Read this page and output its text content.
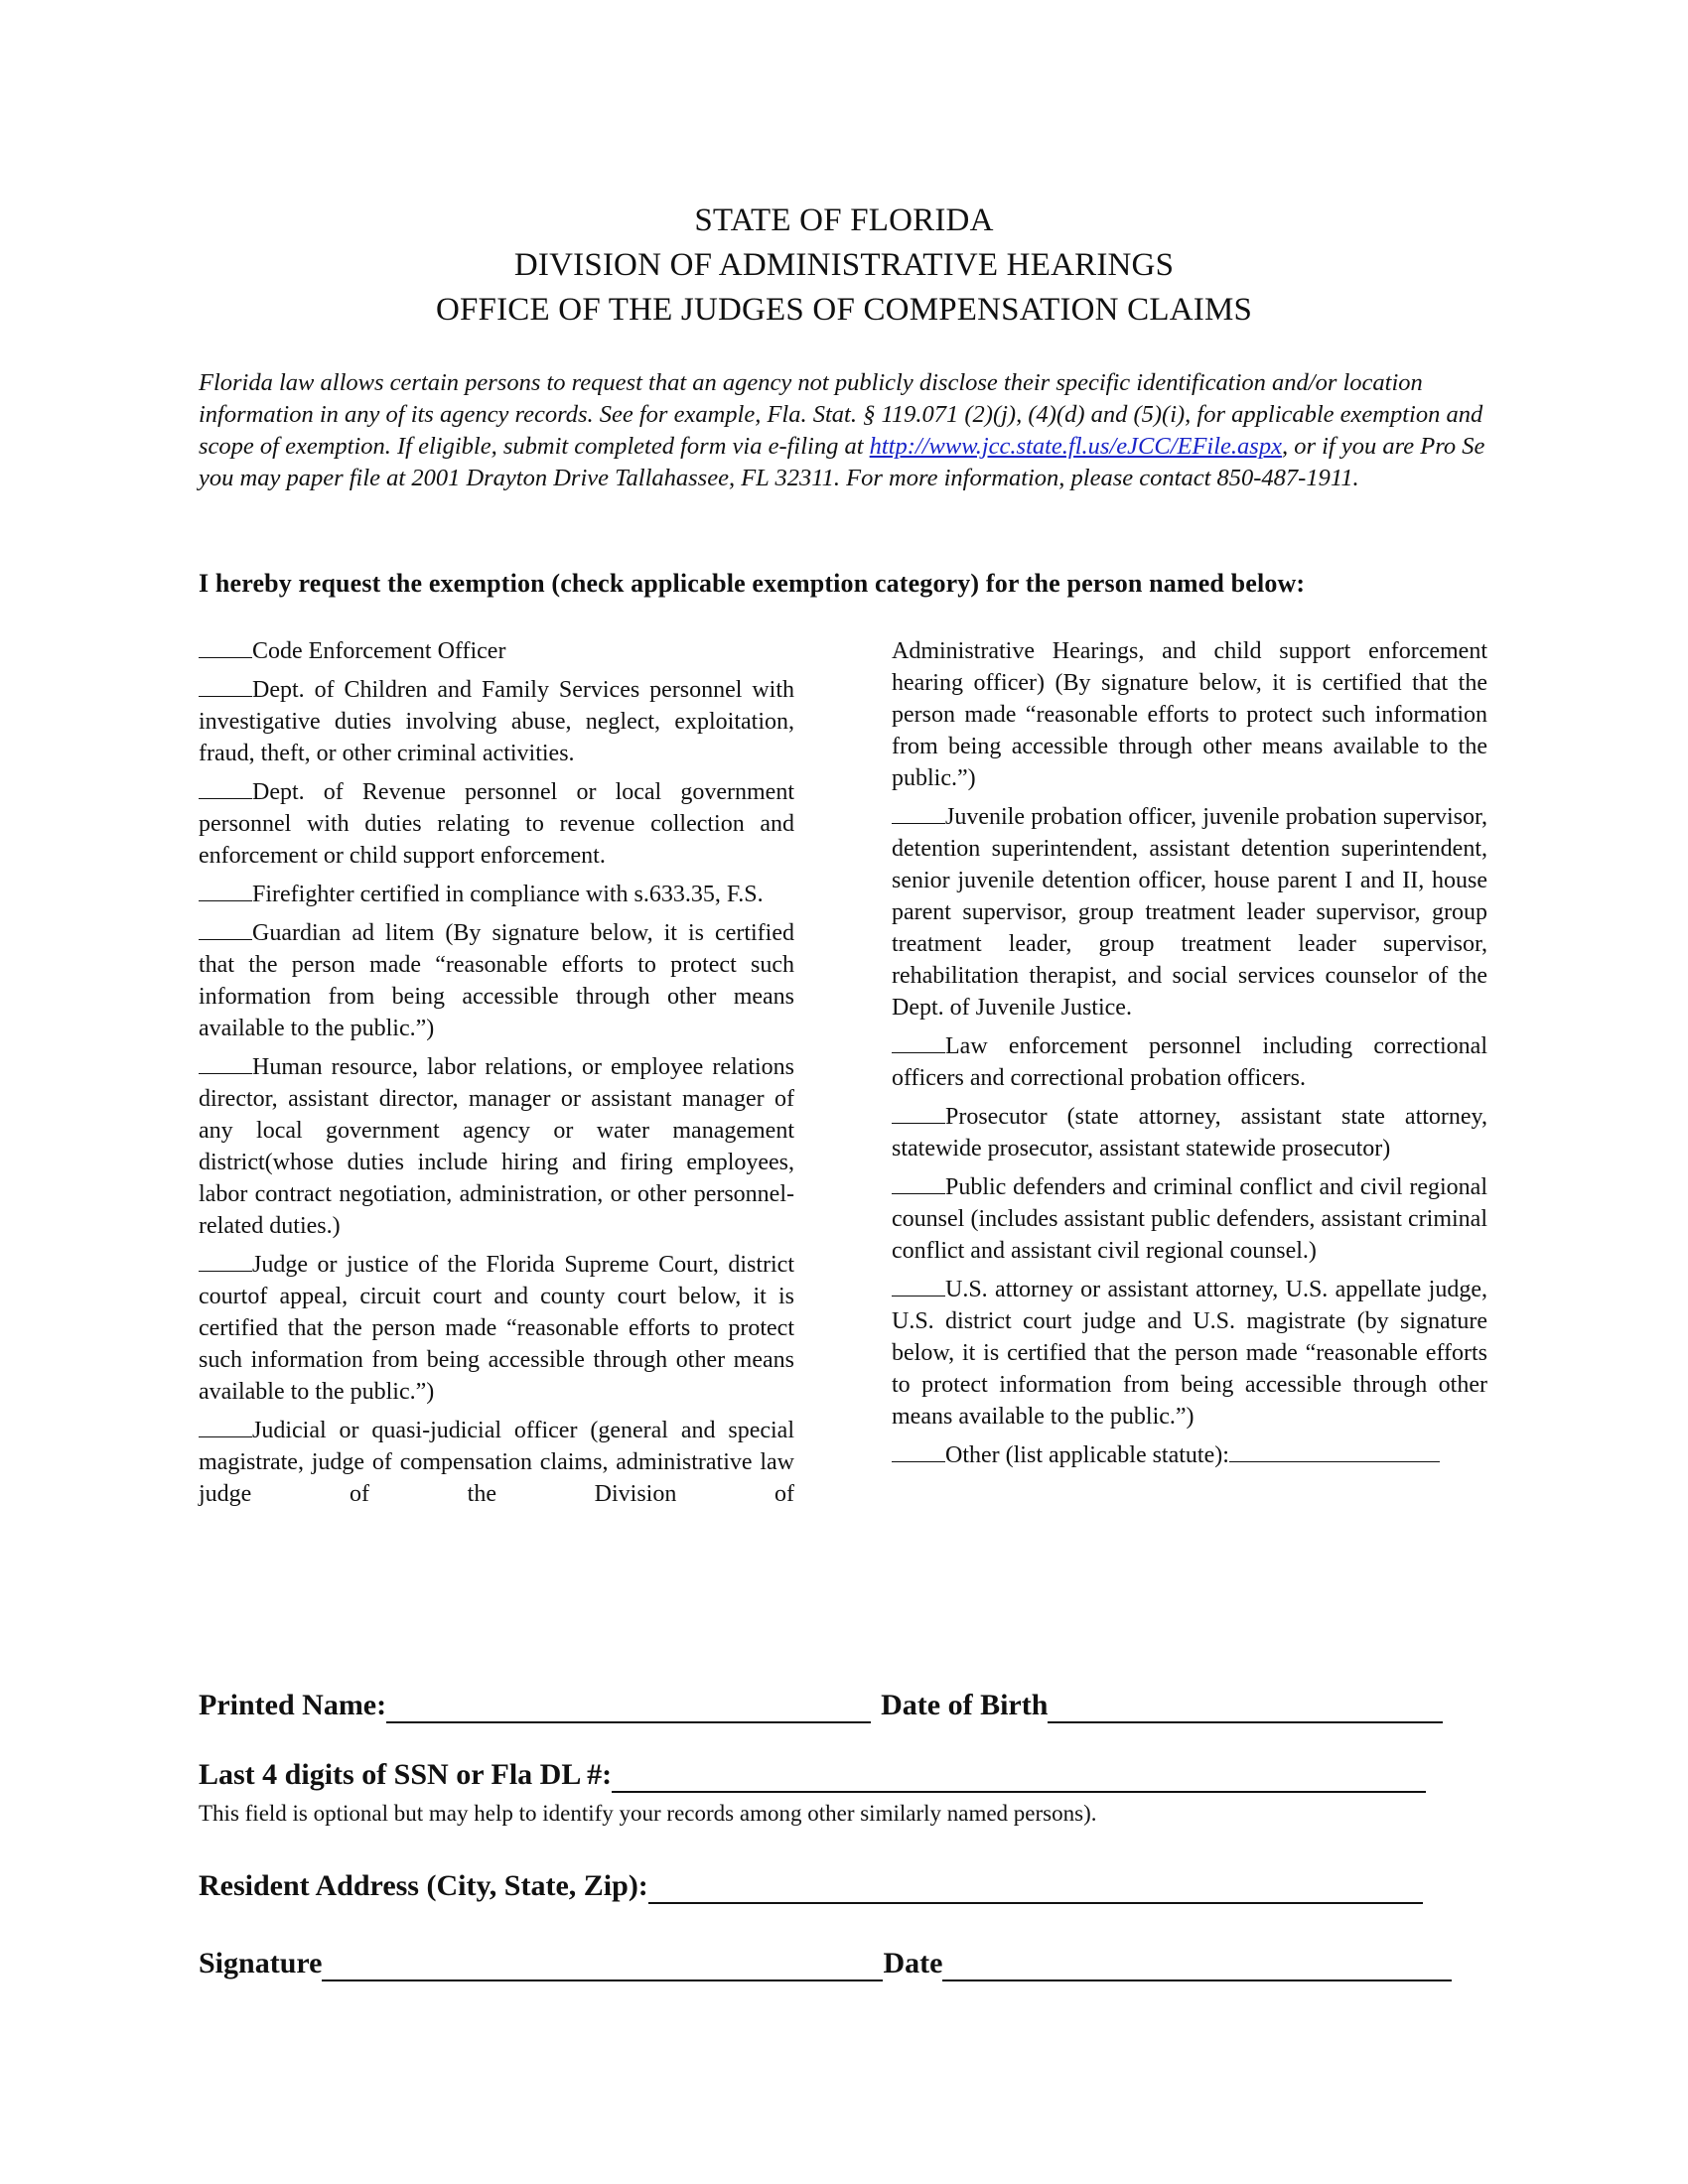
STATE OF FLORIDA
DIVISION OF ADMINISTRATIVE HEARINGS
OFFICE OF THE JUDGES OF COMPENSATION CLAIMS
Florida law allows certain persons to request that an agency not publicly disclose their specific identification and/or location information in any of its agency records. See for example, Fla. Stat. § 119.071 (2)(j), (4)(d) and (5)(i), for applicable exemption and scope of exemption. If eligible, submit completed form via e-filing at http://www.jcc.state.fl.us/eJCC/EFile.aspx, or if you are Pro Se you may paper file at 2001 Drayton Drive Tallahassee, FL 32311. For more information, please contact 850-487-1911.
I hereby request the exemption (check applicable exemption category) for the person named below:

Code Enforcement Officer

Dept. of Children and Family Services personnel with investigative duties involving abuse, neglect, exploitation, fraud, theft, or other criminal activities.

Dept. of Revenue personnel or local government personnel with duties relating to revenue collection and enforcement or child support enforcement.

Firefighter certified in compliance with s.633.35, F.S.

Guardian ad litem (By signature below, it is certified that the person made “reasonable efforts to protect such information from being accessible through other means available to the public.”)

Human resource, labor relations, or employee relations director, assistant director, manager or assistant manager of any local government agency or water management district(whose duties include hiring and firing employees, labor contract negotiation, administration, or other personnel-related duties.)

Judge or justice of the Florida Supreme Court, district courtof appeal, circuit court and county court below, it is certified that the person made “reasonable efforts to protect such information from being accessible through other means available to the public.”)

Judicial or quasi-judicial officer (general and special magistrate, judge of compensation claims, administrative law judge of the Division of

Administrative Hearings, and child support enforcement hearing officer) (By signature below, it is certified that the person made “reasonable efforts to protect such information from being accessible through other means available to the public.”)

Juvenile probation officer, juvenile probation supervisor, detention superintendent, assistant detention superintendent, senior juvenile detention officer, house parent I and II, house parent supervisor, group treatment leader supervisor, group treatment leader, group treatment leader supervisor, rehabilitation therapist, and social services counselor of the Dept. of Juvenile Justice.

Law enforcement personnel including correctional officers and correctional probation officers.

Prosecutor (state attorney, assistant state attorney, statewide prosecutor, assistant statewide prosecutor)

Public defenders and criminal conflict and civil regional counsel (includes assistant public defenders, assistant criminal conflict and assistant civil regional counsel.)

U.S. attorney or assistant attorney, U.S. appellate judge, U.S. district court judge and U.S. magistrate (by signature below, it is certified that the person made “reasonable efforts to protect information from being accessible through other means available to the public.”)

Other (list applicable statute):

Printed Name:	Date of Birth
Last 4 digits of SSN or Fla DL #:
This field is optional but may help to identify your records among other similarly named persons).
Resident Address (City, State, Zip):
Signature	Date
